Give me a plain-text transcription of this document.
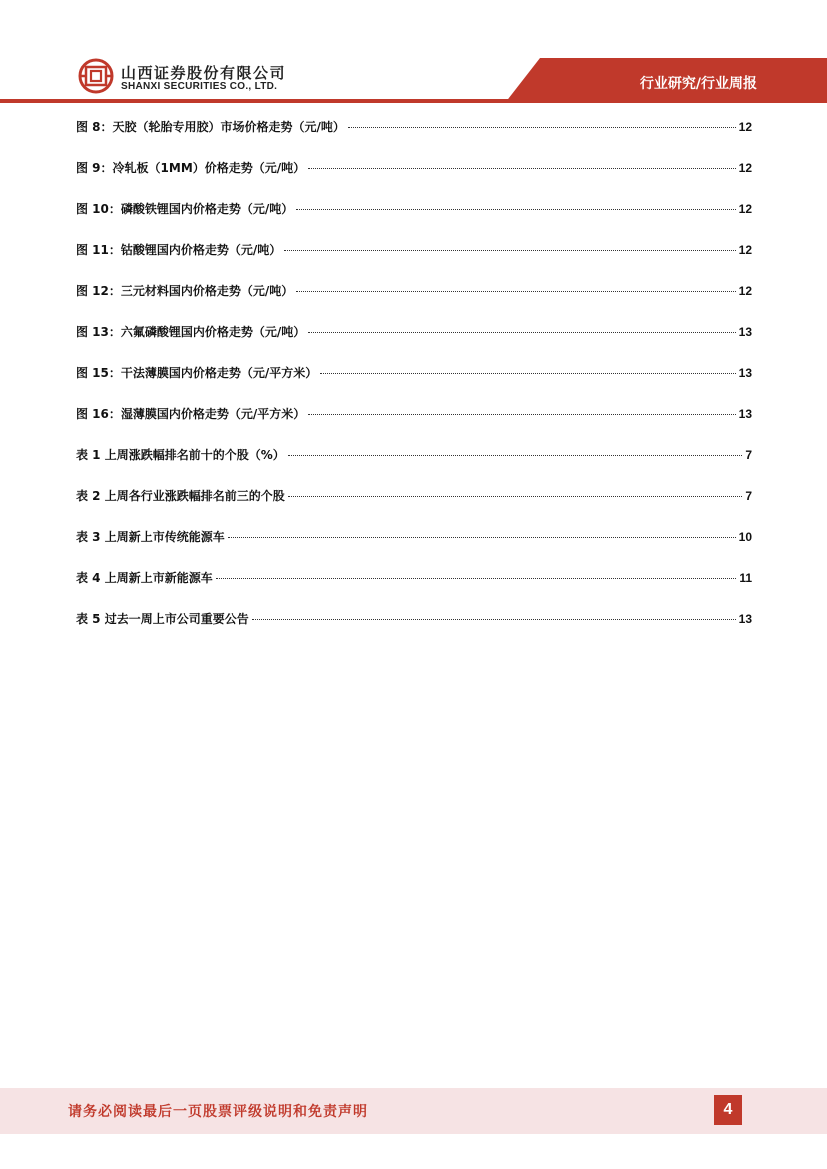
山西证券股份有限公司
SHANXI SECURITIES CO., LTD.	行业研究/行业周报
图 8：天胶（轮胎专用胶）市场价格走势（元/吨）	12
图 9：冷轧板（1MM）价格走势（元/吨）	12
图 10：磷酸铁锂国内价格走势（元/吨）	12
图 11：钴酸锂国内价格走势（元/吨）	12
图 12：三元材料国内价格走势（元/吨）	12
图 13：六氟磷酸锂国内价格走势（元/吨）	13
图 15：干法薄膜国内价格走势（元/平方米）	13
图 16：湿薄膜国内价格走势（元/平方米）	13
表 1 上周涨跌幅排名前十的个股（%）	7
表 2 上周各行业涨跌幅排名前三的个股	7
表 3 上周新上市传统能源车	10
表 4 上周新上市新能源车	11
表 5 过去一周上市公司重要公告	13
请务必阅读最后一页股票评级说明和免责声明	4
